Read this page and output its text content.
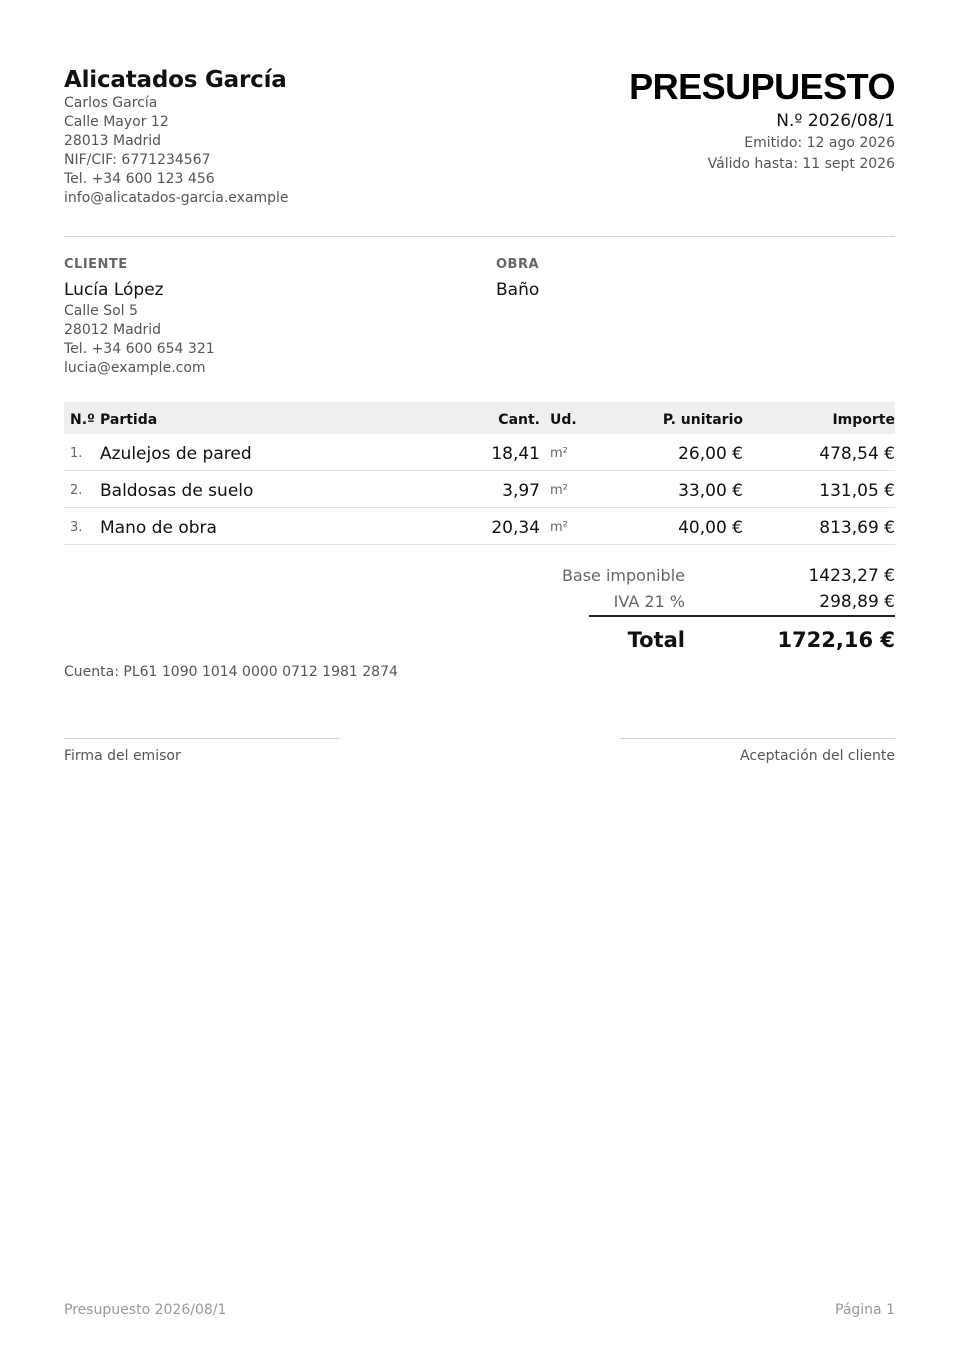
Alicatados García
Carlos García
Calle Mayor 12
28013 Madrid
NIF/CIF: 6771234567
Tel. +34 600 123 456
info@alicatados-garcia.example
PRESUPUESTO
N.º 2026/08/1
Emitido: 12 ago 2026
Válido hasta: 11 sept 2026
CLIENTE
Lucía López
Calle Sol 5
28012 Madrid
Tel. +34 600 654 321
lucia@example.com
OBRA
Baño
N.º Partida	Cant. Ud.	P. unitario	Importe
1. Azulejos de pared	18,41 m²	26,00 €	478,54 €
2. Baldosas de suelo	3,97 m²	33,00 €	131,05 €
3. Mano de obra	20,34 m²	40,00 €	813,69 €
Base imponible	1423,27 €
IVA 21 %	298,89 €
Total	1722,16 €
Cuenta: PL61 1090 1014 0000 0712 1981 2874
Firma del emisor	Aceptación del cliente
Presupuesto 2026/08/1	Página 1
